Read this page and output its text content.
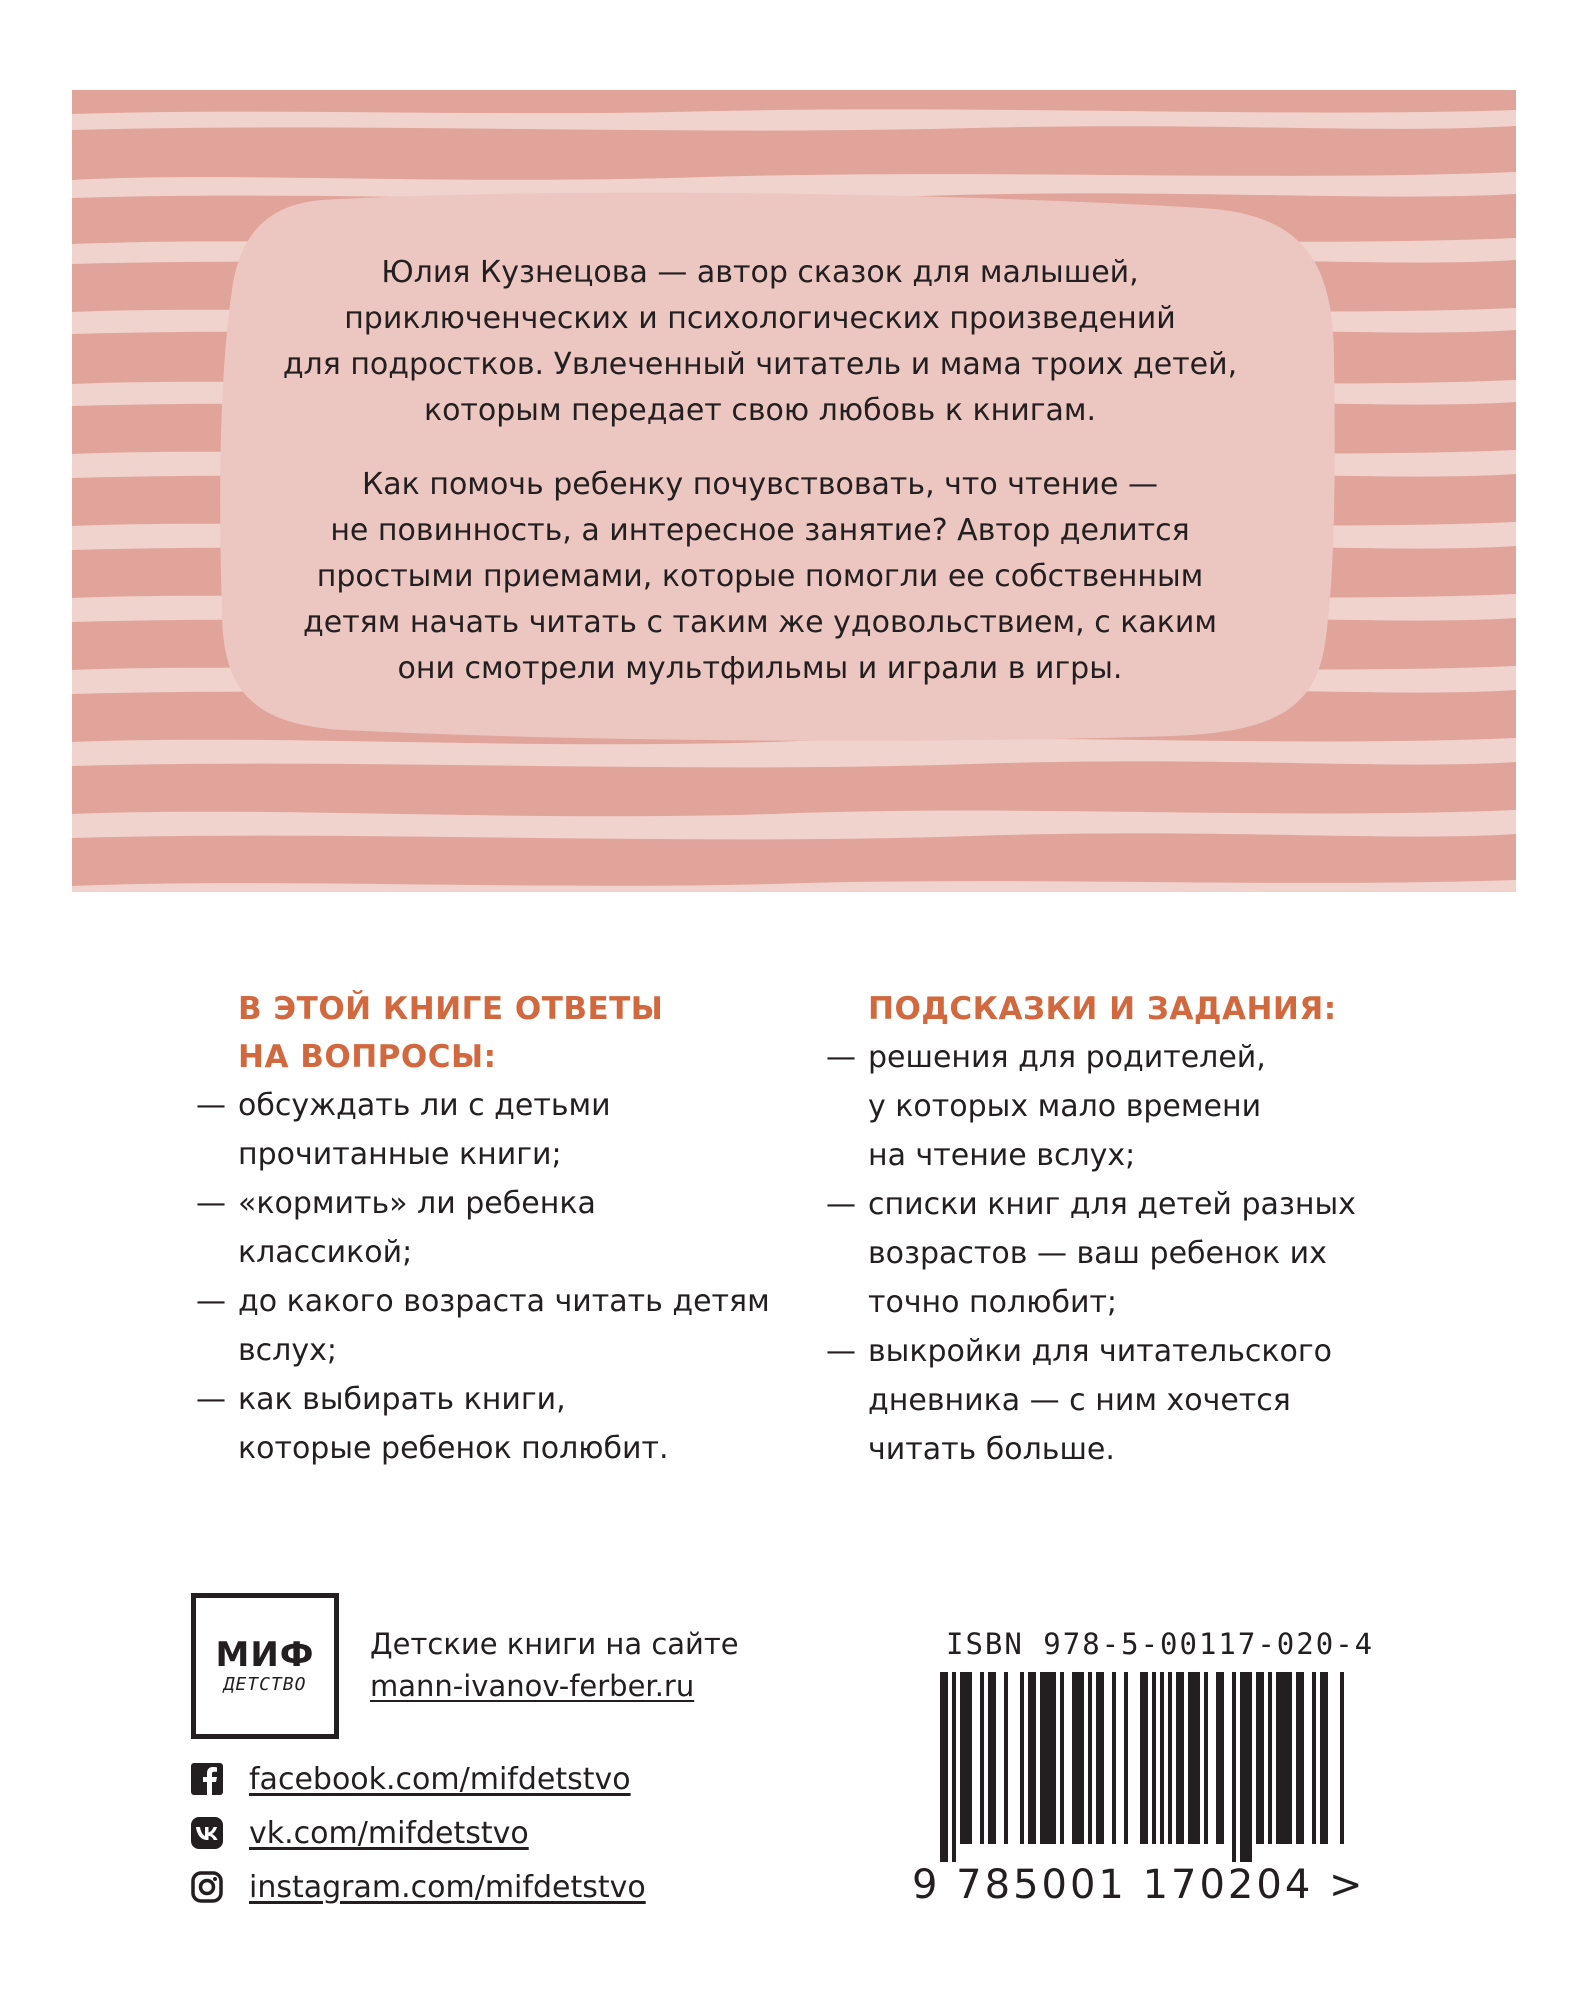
Юлия Кузнецова — автор сказок для малышей,
приключенческих и психологических произведений
для подростков. Увлеченный читатель и мама троих детей,
которым передает свою любовь к книгам.

Как помочь ребенку почувствовать, что чтение —
не повинность, а интересное занятие? Автор делится
простыми приемами, которые помогли ее собственным
детям начать читать с таким же удовольствием, с каким
они смотрели мультфильмы и играли в игры.

В ЭТОЙ КНИГЕ ОТВЕТЫ
НА ВОПРОСЫ:
— обсуждать ли с детьми
прочитанные книги;
— «кормить» ли ребенка
классикой;
— до какого возраста читать детям
вслух;
— как выбирать книги,
которые ребенок полюбит.
ПОДСКАЗКИ И ЗАДАНИЯ:
— решения для родителей,
у которых мало времени
на чтение вслух;
— списки книг для детей разных
возрастов — ваш ребенок их
точно полюбит;
— выкройки для читательского
дневника — с ним хочется
читать больше.
МИФ
ДЕТСТВО
Детские книги на сайте
mann-ivanov-ferber.ru
facebook.com/mifdetstvo
vk.com/mifdetstvo
instagram.com/mifdetstvo
ISBN 978-5-00117-020-4
9 785001 170204 >
